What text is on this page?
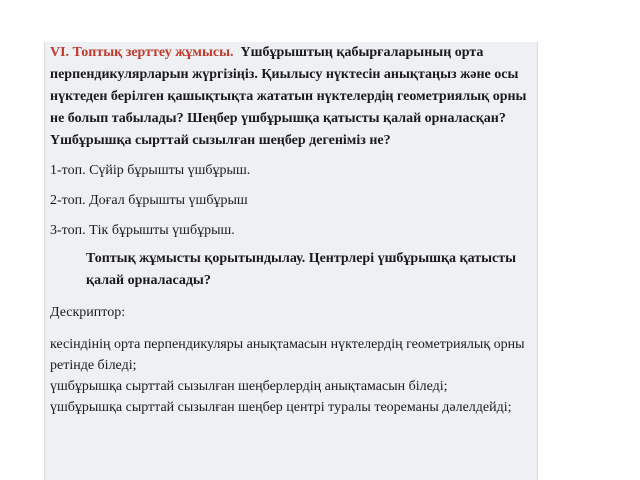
VI. Топтық зерттеу жұмысы. Үшбұрыштың қабырғаларының орта перпендикулярларын жүргізіңіз. Қиылысу нүктесін анықтаңыз және осы нүктеден берілген қашықтықта жататын нүктелердің геометриялық орны не болып табылады? Шеңбер үшбұрышқа қатысты қалай орналасқан? Үшбұрышқа сырттай сызылған шеңбер дегеніміз не?

1-топ. Сүйір бұрышты үшбұрыш.

2-топ. Доғал бұрышты үшбұрыш

3-топ. Тік бұрышты үшбұрыш.

Топтық жұмысты қорытындылау. Центрлері үшбұрышқа қатысты қалай орналасады?

Дескриптор:

кесіндінің орта перпендикуляры анықтамасын нүктелердің геометриялық орны ретінде біледі;
үшбұрышқа сырттай сызылған шеңберлердің анықтамасын біледі;
үшбұрышқа сырттай сызылған шеңбер центрі туралы теореманы дәлелдейді;
